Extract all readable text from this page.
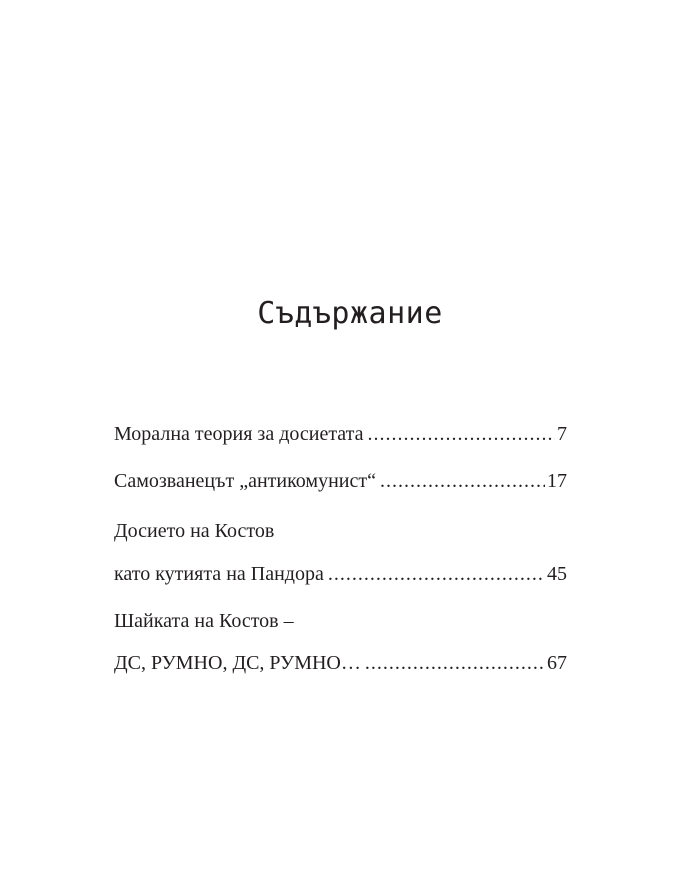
Съдържание
Моралнa теория за досиетата .....	7
Самозванецът „антикомунист“ .....	17
Досието на Костов
като кутията на Пандора .....	45
Шайката на Костов –
ДС, РУМНО, ДС, РУМНО… .....	67
